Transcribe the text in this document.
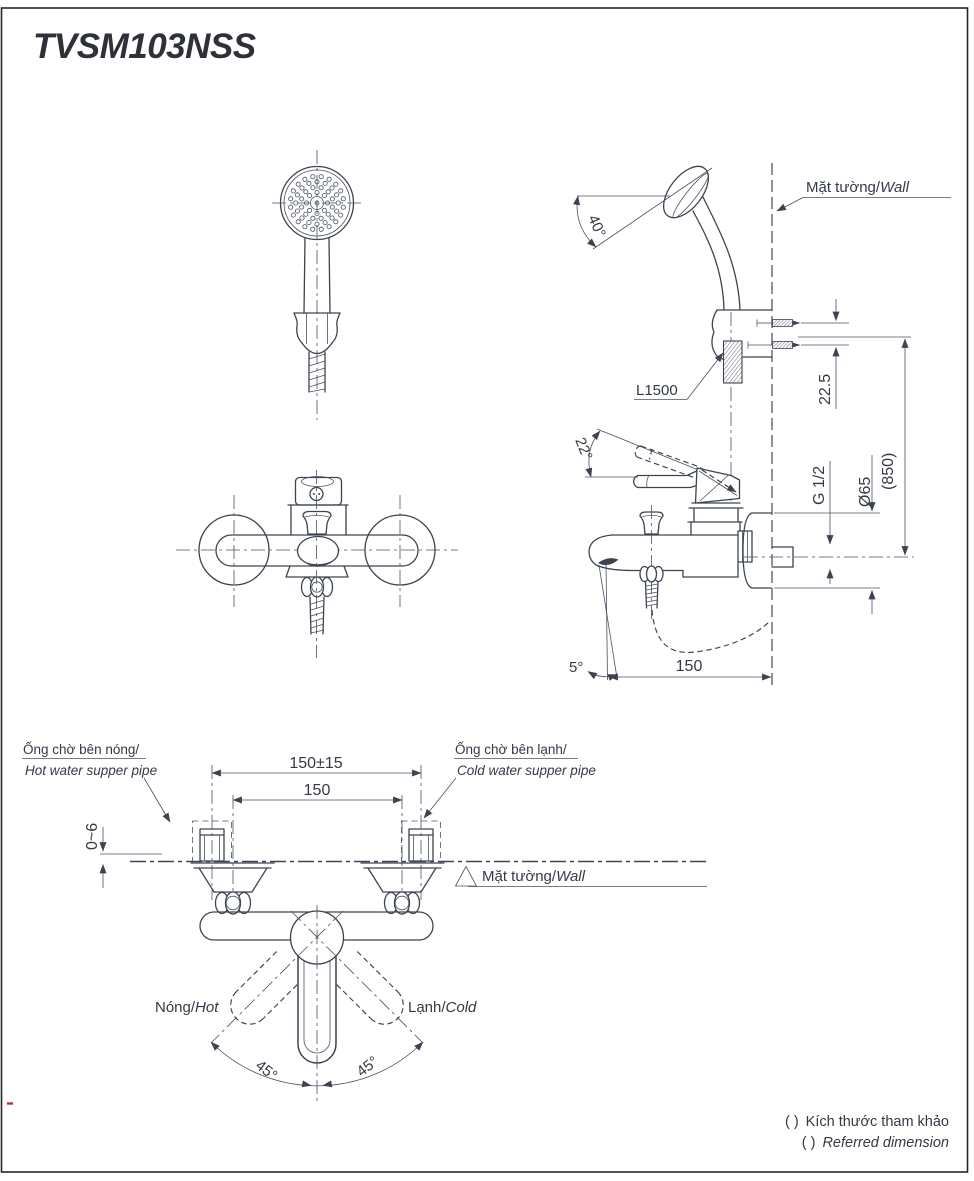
TVSM103NSS
40°
Mặt tường/Wall
22.5
(850)
L1500
22°
G 1/2 Ø65
5°	150
Ống chờ bên nóng/
Hot water supper pipe
Ống chờ bên lạnh/
Cold water supper pipe
150±15
150
0~6
Mặt tường/Wall
45°	45°
Nóng/Hot	Lạnh/Cold
( ) Kích thước tham khảo
( ) Referred dimension
